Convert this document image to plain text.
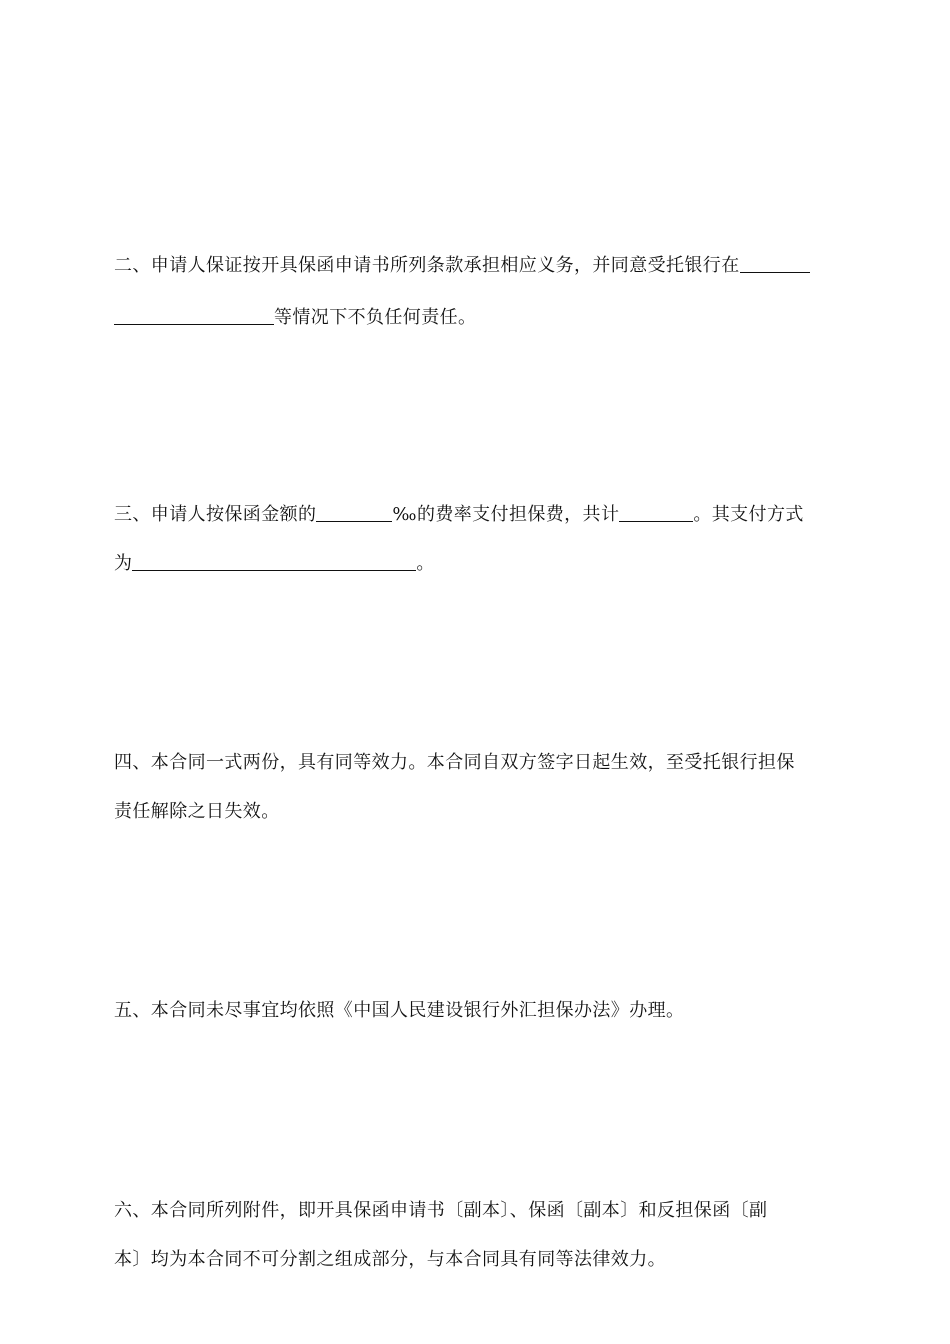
二、申请人保证按开具保函申请书所列条款承担相应义务，并同意受托银行在
等情况下不负任何责任。
三、申请人按保函金额的	‰的费率支付担保费，共计	。其支付方式
为	。
四、本合同一式两份，具有同等效力。本合同自双方签字日起生效，至受托银行担保
责任解除之日失效。
五、本合同未尽事宜均依照《中国人民建设银行外汇担保办法》办理。
六、本合同所列附件，即开具保函申请书〔副本〕、保函〔副本〕和反担保函〔副
本〕均为本合同不可分割之组成部分，与本合同具有同等法律效力。
